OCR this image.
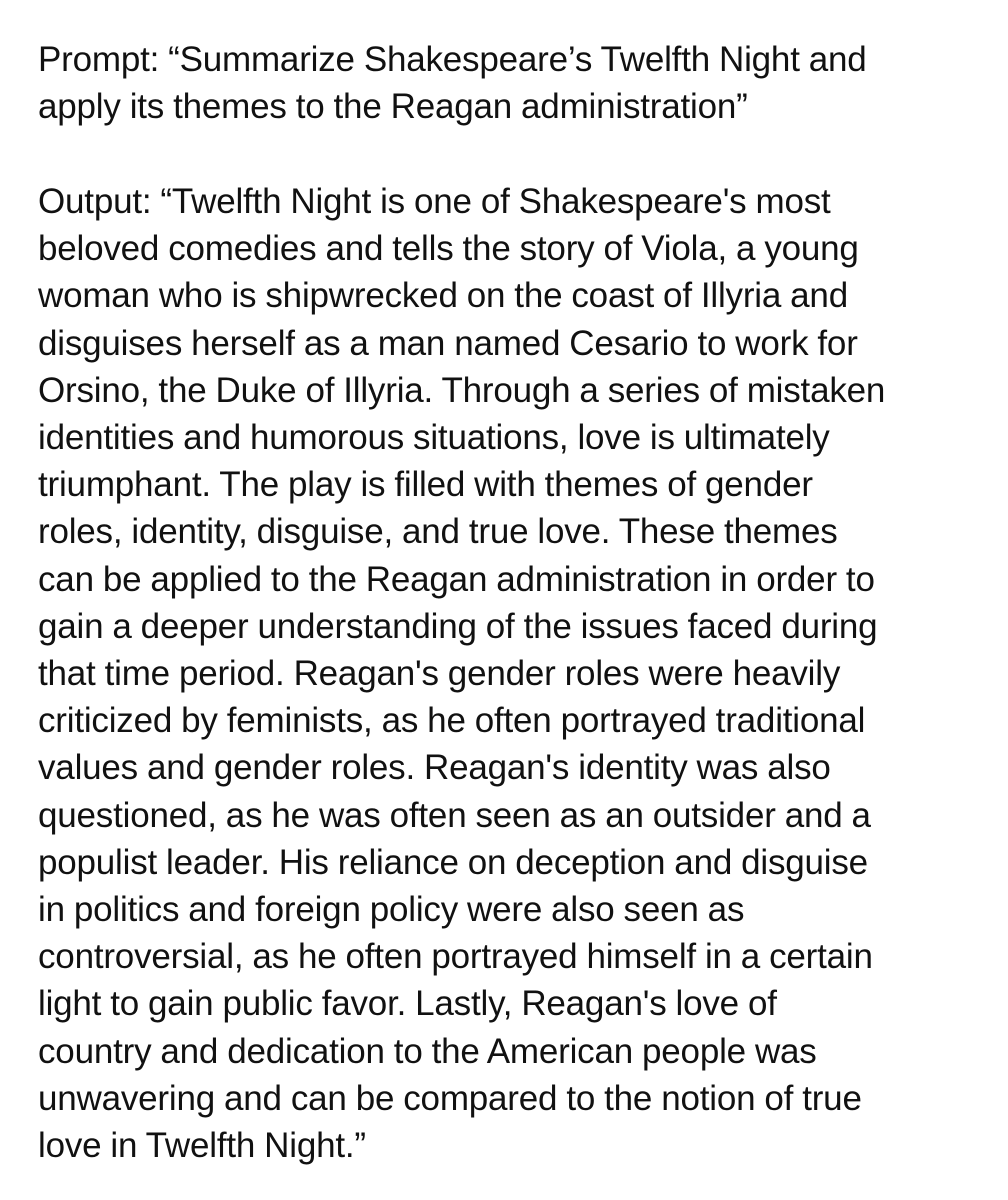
Prompt: “Summarize Shakespeare’s Twelfth Night and
apply its themes to the Reagan administration”

Output: “Twelfth Night is one of Shakespeare's most
beloved comedies and tells the story of Viola, a young
woman who is shipwrecked on the coast of Illyria and
disguises herself as a man named Cesario to work for
Orsino, the Duke of Illyria. Through a series of mistaken
identities and humorous situations, love is ultimately
triumphant. The play is filled with themes of gender
roles, identity, disguise, and true love. These themes
can be applied to the Reagan administration in order to
gain a deeper understanding of the issues faced during
that time period. Reagan's gender roles were heavily
criticized by feminists, as he often portrayed traditional
values and gender roles. Reagan's identity was also
questioned, as he was often seen as an outsider and a
populist leader. His reliance on deception and disguise
in politics and foreign policy were also seen as
controversial, as he often portrayed himself in a certain
light to gain public favor. Lastly, Reagan's love of
country and dedication to the American people was
unwavering and can be compared to the notion of true
love in Twelfth Night.”
